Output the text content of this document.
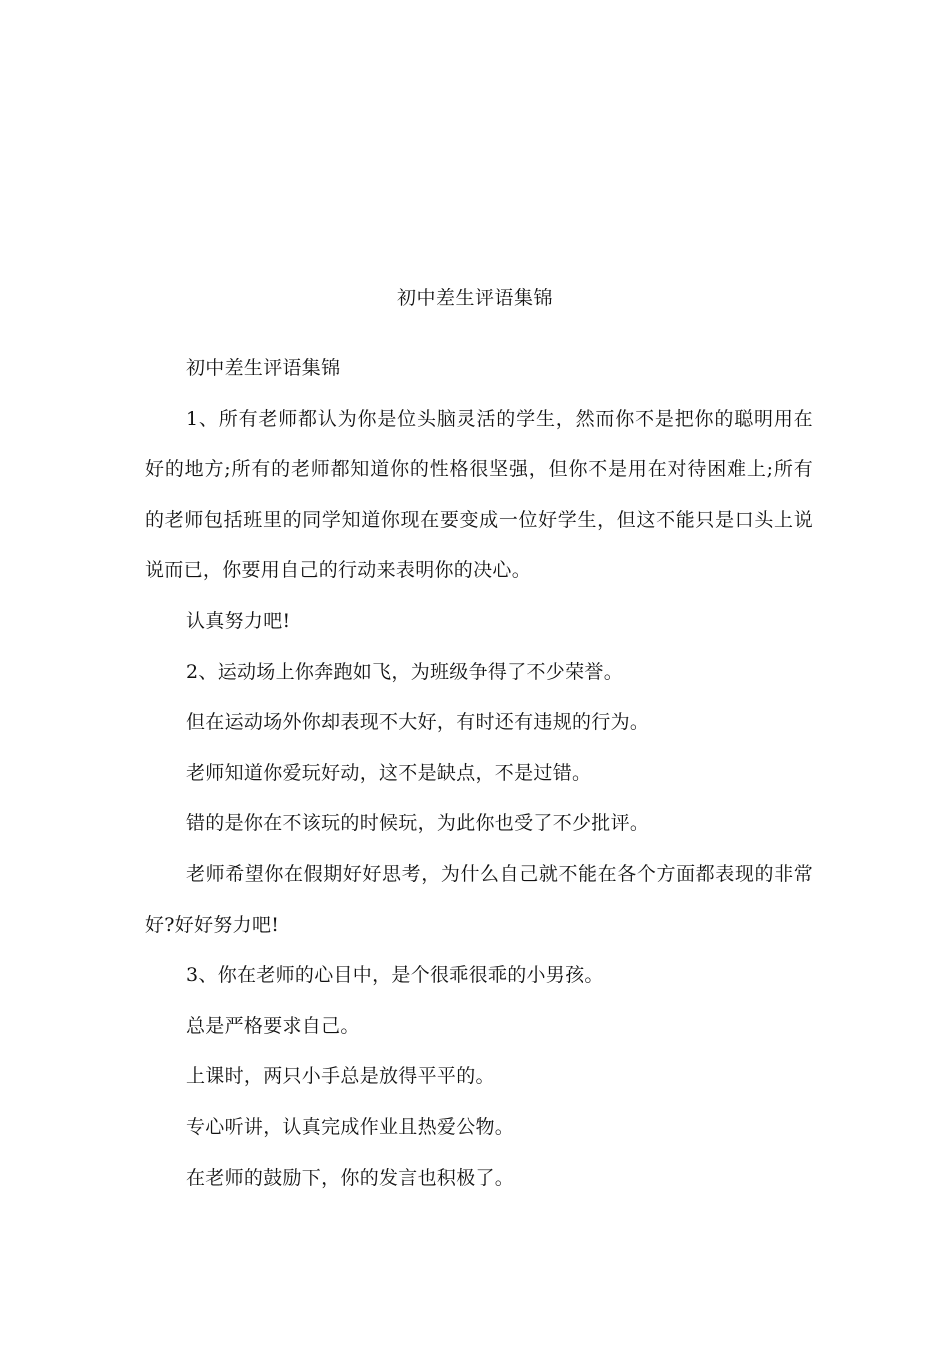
初中差生评语集锦

初中差生评语集锦

1、所有老师都认为你是位头脑灵活的学生，然而你不是把你的聪明用在好的地方;所有的老师都知道你的性格很坚强，但你不是用在对待困难上;所有的老师包括班里的同学知道你现在要变成一位好学生，但这不能只是口头上说说而已，你要用自己的行动来表明你的决心。

认真努力吧!

2、运动场上你奔跑如飞，为班级争得了不少荣誉。

但在运动场外你却表现不大好，有时还有违规的行为。

老师知道你爱玩好动，这不是缺点，不是过错。

错的是你在不该玩的时候玩，为此你也受了不少批评。

老师希望你在假期好好思考，为什么自己就不能在各个方面都表现的非常好?好好努力吧!

3、你在老师的心目中，是个很乖很乖的小男孩。

总是严格要求自己。

上课时，两只小手总是放得平平的。

专心听讲，认真完成作业且热爱公物。

在老师的鼓励下，你的发言也积极了。
